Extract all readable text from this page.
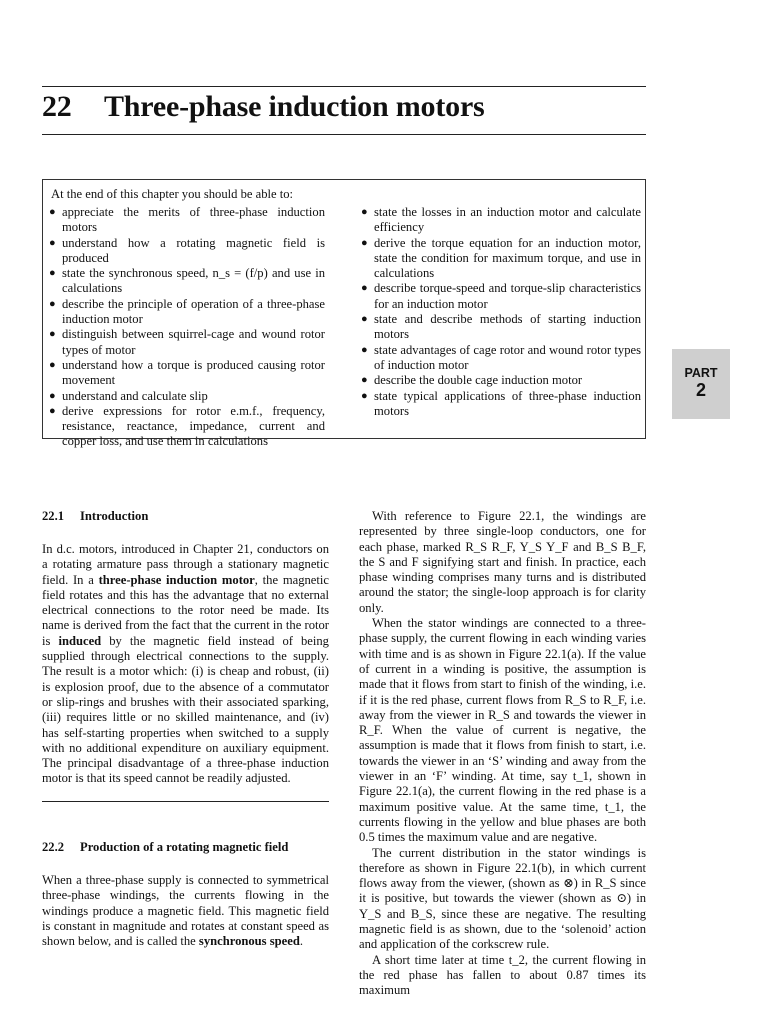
22 Three-phase induction motors
At the end of this chapter you should be able to:
● appreciate the merits of three-phase induction motors
● understand how a rotating magnetic field is produced
● state the synchronous speed, n_s = (f/p) and use in calculations
● describe the principle of operation of a three-phase induction motor
● distinguish between squirrel-cage and wound rotor types of motor
● understand how a torque is produced causing rotor movement
● understand and calculate slip
● derive expressions for rotor e.m.f., frequency, resistance, reactance, impedance, current and copper loss, and use them in calculations
● state the losses in an induction motor and calculate efficiency
● derive the torque equation for an induction motor, state the condition for maximum torque, and use in calculations
● describe torque-speed and torque-slip characteristics for an induction motor
● state and describe methods of starting induction motors
● state advantages of cage rotor and wound rotor types of induction motor
● describe the double cage induction motor
● state typical applications of three-phase induction motors
PART
2
22.1 Introduction

In d.c. motors, introduced in Chapter 21, conductors on a rotating armature pass through a stationary magnetic field. In a three-phase induction motor, the magnetic field rotates and this has the advantage that no external electrical connections to the rotor need be made. Its name is derived from the fact that the current in the rotor is induced by the magnetic field instead of being supplied through electrical connections to the supply. The result is a motor which: (i) is cheap and robust, (ii) is explosion proof, due to the absence of a commutator or slip-rings and brushes with their associated sparking, (iii) requires little or no skilled maintenance, and (iv) has self-starting properties when switched to a supply with no additional expenditure on auxiliary equipment. The principal disadvantage of a three-phase induction motor is that its speed cannot be readily adjusted.

22.2 Production of a rotating magnetic field

When a three-phase supply is connected to symmetrical three-phase windings, the currents flowing in the windings produce a magnetic field. This magnetic field is constant in magnitude and rotates at constant speed as shown below, and is called the synchronous speed.

With reference to Figure 22.1, the windings are represented by three single-loop conductors, one for each phase, marked R_S R_F, Y_S Y_F and B_S B_F, the S and F signifying start and finish. In practice, each phase winding comprises many turns and is distributed around the stator; the single-loop approach is for clarity only.

When the stator windings are connected to a three-phase supply, the current flowing in each winding varies with time and is as shown in Figure 22.1(a). If the value of current in a winding is positive, the assumption is made that it flows from start to finish of the winding, i.e. if it is the red phase, current flows from R_S to R_F, i.e. away from the viewer in R_S and towards the viewer in R_F. When the value of current is negative, the assumption is made that it flows from finish to start, i.e. towards the viewer in an ‘S’ winding and away from the viewer in an ‘F’ winding. At time, say t_1, shown in Figure 22.1(a), the current flowing in the red phase is a maximum positive value. At the same time, t_1, the currents flowing in the yellow and blue phases are both 0.5 times the maximum value and are negative.

The current distribution in the stator windings is therefore as shown in Figure 22.1(b), in which current flows away from the viewer, (shown as ⊗) in R_S since it is positive, but towards the viewer (shown as ⊙) in Y_S and B_S, since these are negative. The resulting magnetic field is as shown, due to the ‘solenoid’ action and application of the corkscrew rule.

A short time later at time t_2, the current flowing in the red phase has fallen to about 0.87 times its maximum
